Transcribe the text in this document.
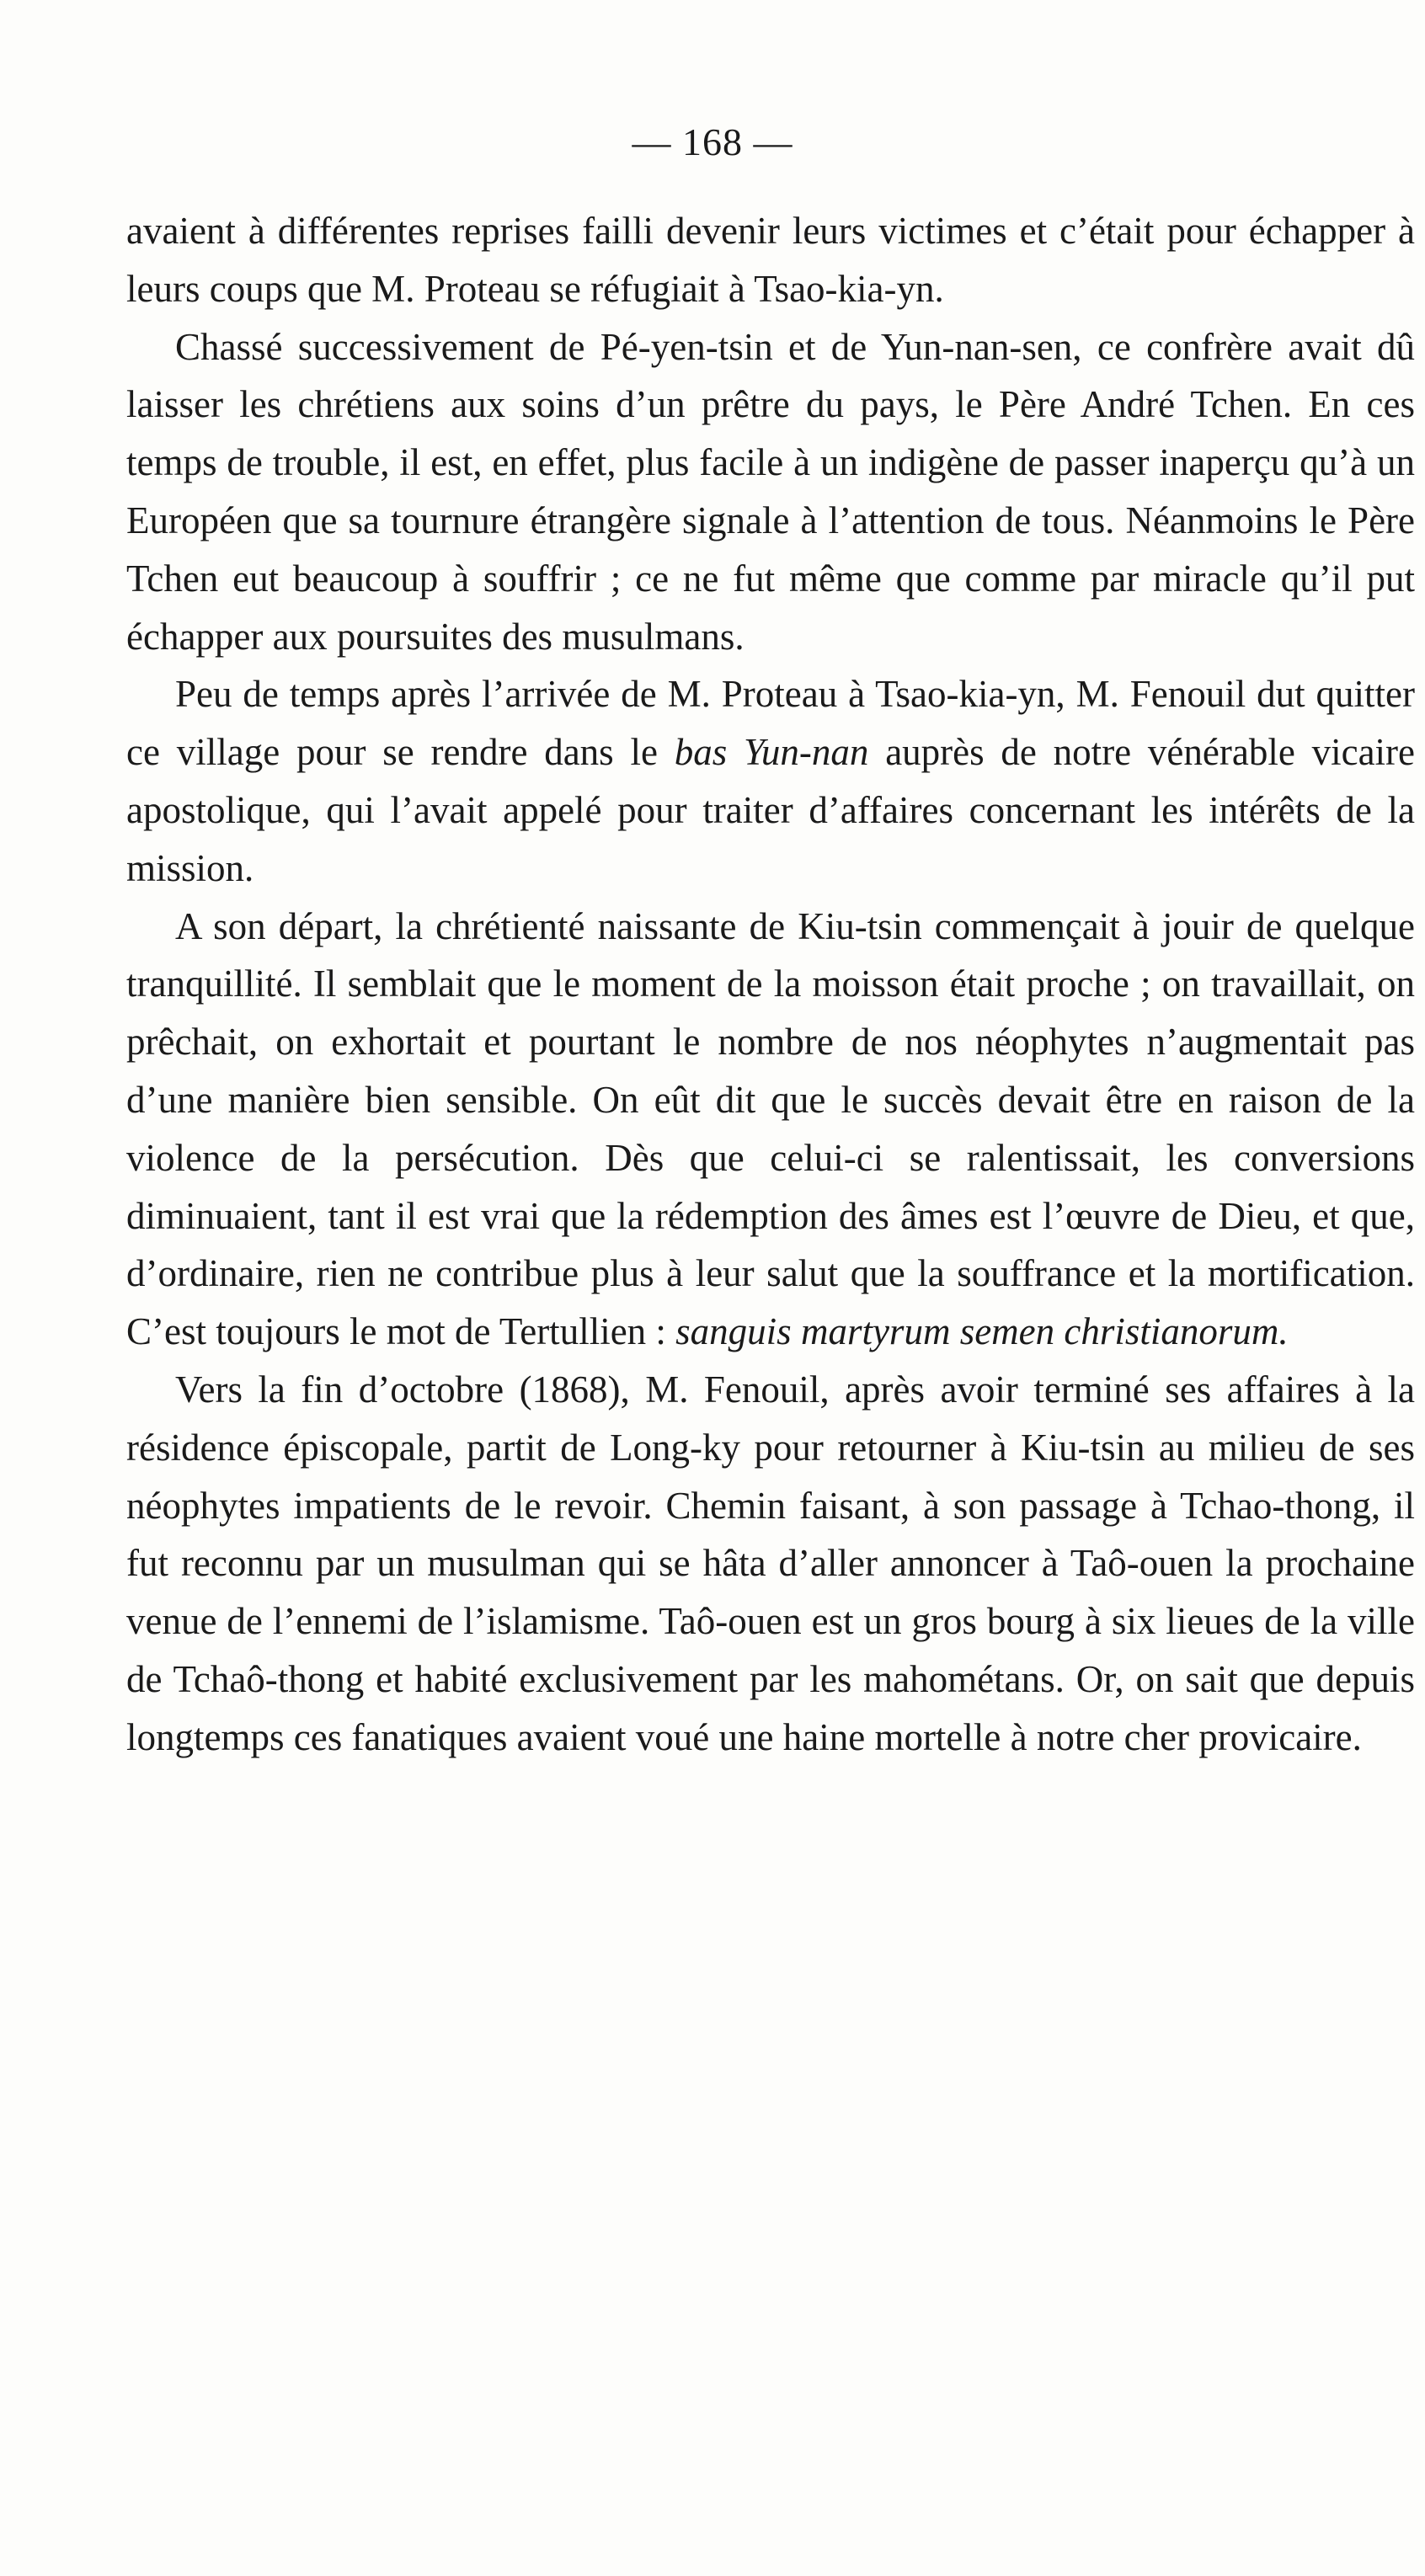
— 168 —

avaient à différentes reprises failli devenir leurs victimes et c’était pour échapper à leurs coups que M. Proteau se réfugiait à Tsao-kia-yn.

Chassé successivement de Pé-yen-tsin et de Yun-nan-sen, ce confrère avait dû laisser les chrétiens aux soins d’un prêtre du pays, le Père André Tchen. En ces temps de trouble, il est, en effet, plus facile à un indigène de passer inaperçu qu’à un Européen que sa tournure étrangère signale à l’attention de tous. Néanmoins le Père Tchen eut beaucoup à souffrir ; ce ne fut même que comme par miracle qu’il put échapper aux poursuites des musulmans.

Peu de temps après l’arrivée de M. Proteau à Tsao-kia-yn, M. Fenouil dut quitter ce village pour se rendre dans le bas Yun-nan auprès de notre vénérable vicaire apostolique, qui l’avait appelé pour traiter d’affaires concernant les intérêts de la mission.

A son départ, la chrétienté naissante de Kiu-tsin commençait à jouir de quelque tranquillité. Il semblait que le moment de la moisson était proche ; on travaillait, on prêchait, on exhortait et pourtant le nombre de nos néophytes n’augmentait pas d’une manière bien sensible. On eût dit que le succès devait être en raison de la violence de la persécution. Dès que celui-ci se ralentissait, les conversions diminuaient, tant il est vrai que la rédemption des âmes est l’œuvre de Dieu, et que, d’ordinaire, rien ne contribue plus à leur salut que la souffrance et la mortification. C’est toujours le mot de Tertullien : sanguis martyrum semen christianorum.

Vers la fin d’octobre (1868), M. Fenouil, après avoir terminé ses affaires à la résidence épiscopale, partit de Long-ky pour retourner à Kiu-tsin au milieu de ses néophytes impatients de le revoir. Chemin faisant, à son passage à Tchao-thong, il fut reconnu par un musulman qui se hâta d’aller annoncer à Taô-ouen la prochaine venue de l’ennemi de l’islamisme. Taô-ouen est un gros bourg à six lieues de la ville de Tchaô-thong et habité exclusivement par les mahométans. Or, on sait que depuis longtemps ces fanatiques avaient voué une haine mortelle à notre cher provicaire.
